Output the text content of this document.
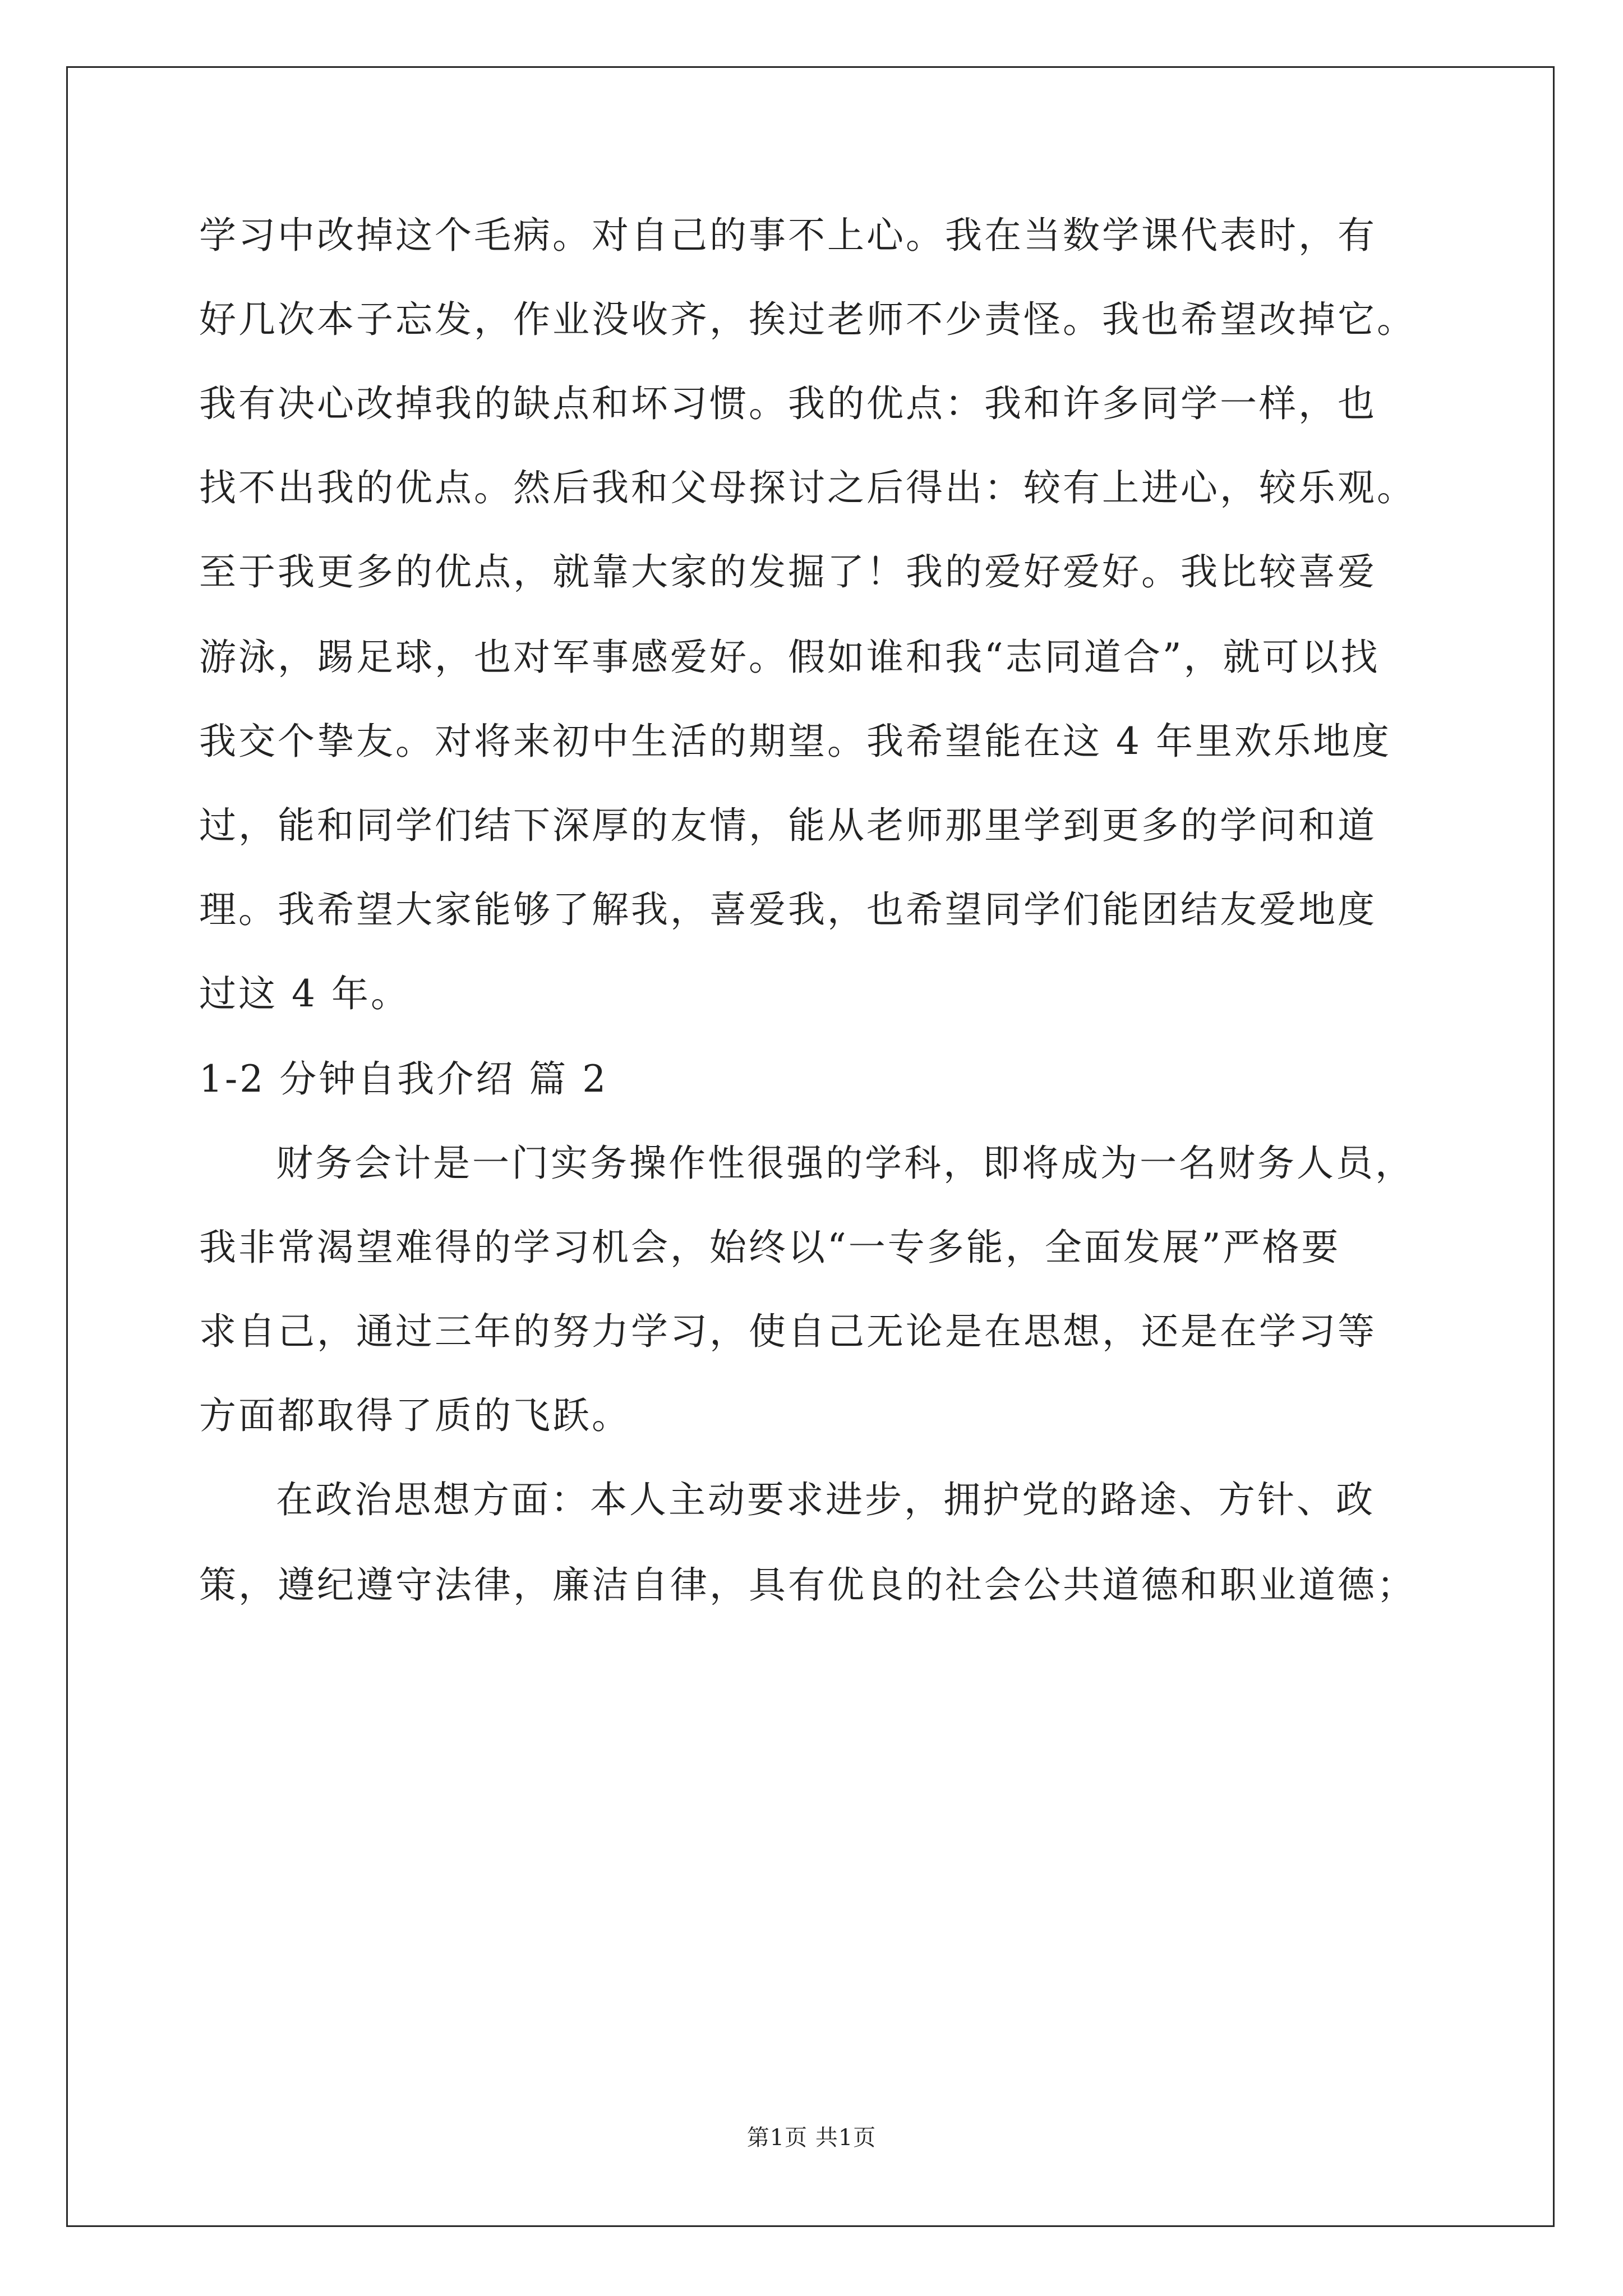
学习中改掉这个毛病。对自己的事不上心。我在当数学课代表时，有
好几次本子忘发，作业没收齐，挨过老师不少责怪。我也希望改掉它。
我有决心改掉我的缺点和坏习惯。我的优点：我和许多同学一样，也
找不出我的优点。然后我和父母探讨之后得出：较有上进心，较乐观。
至于我更多的优点，就靠大家的发掘了！我的爱好爱好。我比较喜爱
游泳，踢足球，也对军事感爱好。假如谁和我“志同道合”，就可以找
我交个挚友。对将来初中生活的期望。我希望能在这 4 年里欢乐地度
过，能和同学们结下深厚的友情，能从老师那里学到更多的学问和道
理。我希望大家能够了解我，喜爱我，也希望同学们能团结友爱地度
过这 4 年。
1-2 分钟自我介绍 篇 2
财务会计是一门实务操作性很强的学科，即将成为一名财务人员，
我非常渴望难得的学习机会，始终以“一专多能，全面发展”严格要
求自己，通过三年的努力学习，使自己无论是在思想，还是在学习等
方面都取得了质的飞跃。
在政治思想方面：本人主动要求进步，拥护党的路途、方针、政
策，遵纪遵守法律，廉洁自律，具有优良的社会公共道德和职业道德；
第1页 共1页
